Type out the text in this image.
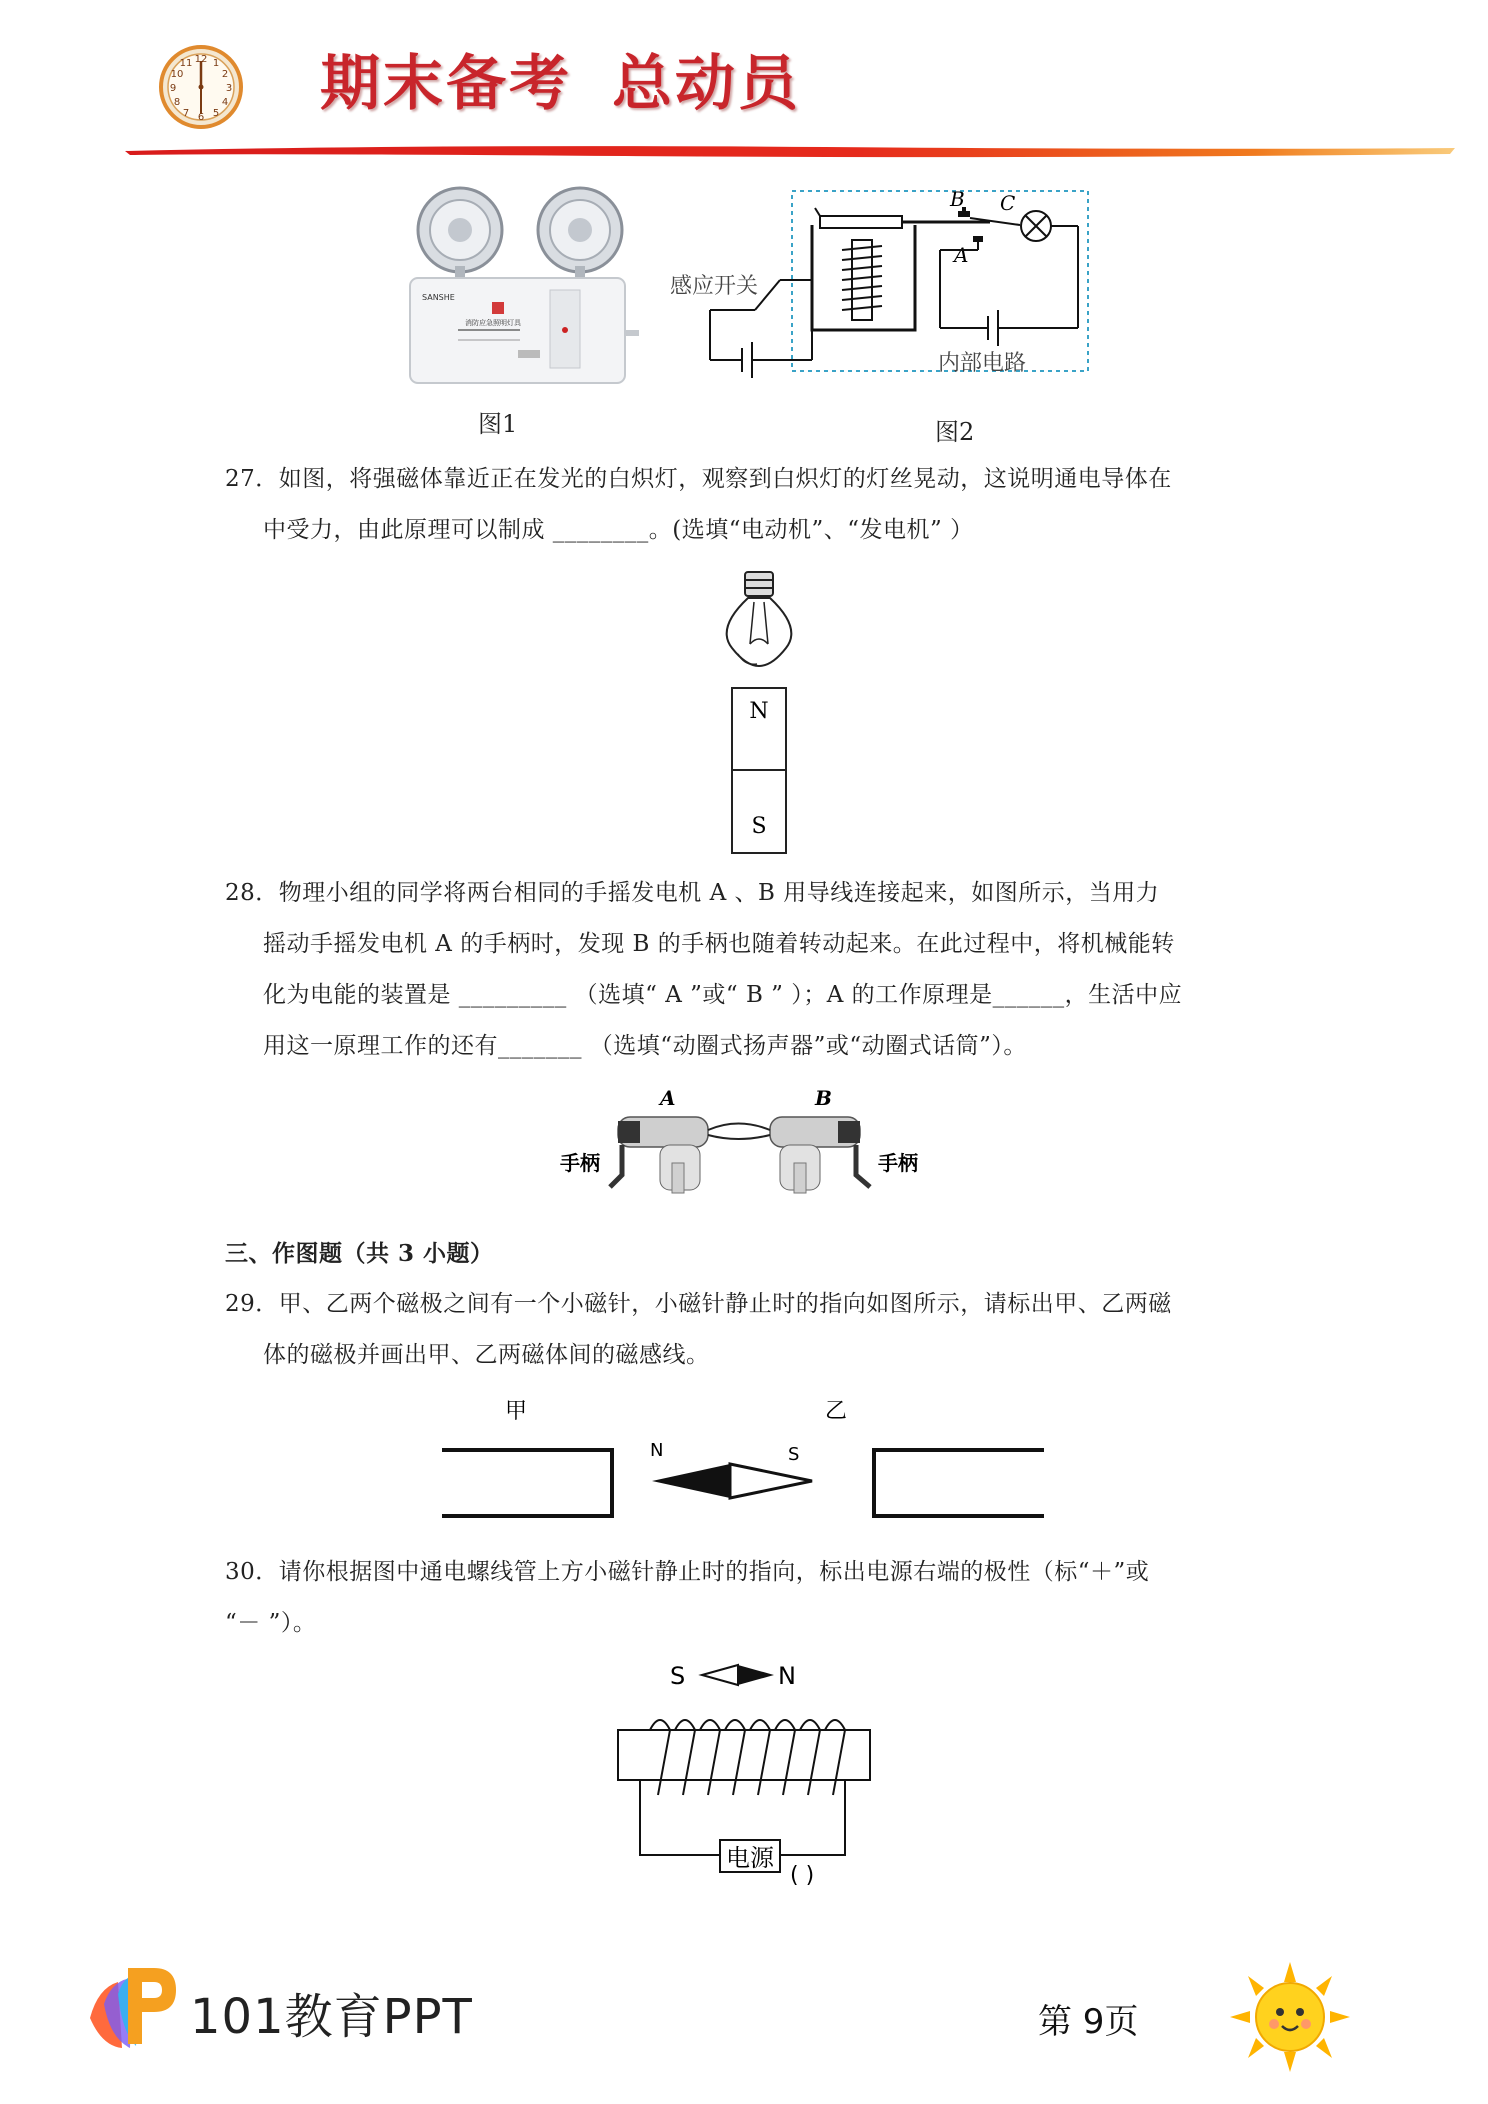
12 1
2
3
4
5
6
7
8
9
10
11 期末备考 总动员
SANSHE
消防应急照明灯具
图1
B
A
C
感应开关
内部电路
图2
27．如图，将强磁体靠近正在发光的白炽灯，观察到白炽灯的灯丝晃动，这说明通电导体在
中受力，由此原理可以制成 ________。(选填“电动机”、“发电机” ）
N
S
28．物理小组的同学将两台相同的手摇发电机 A 、B 用导线连接起来，如图所示，当用力
摇动手摇发电机 A 的手柄时，发现 B 的手柄也随着转动起来。在此过程中，将机械能转
化为电能的装置是 _________ （选填“ A ”或“ B ” ）；A 的工作原理是______，生活中应
用这一原理工作的还有_______ （选填“动圈式扬声器”或“动圈式话筒”）。
A	B
手柄	手柄
三、作图题（共 3 小题）
29．甲、乙两个磁极之间有一个小磁针，小磁针静止时的指向如图所示，请标出甲、乙两磁
体的磁极并画出甲、乙两磁体间的磁感线。
甲	乙
N	S
30．请你根据图中通电螺线管上方小磁针静止时的指向，标出电源右端的极性（标“＋”或
“－ ”）。
S	N
电源
( )
P
101教育PPT	第 9页
